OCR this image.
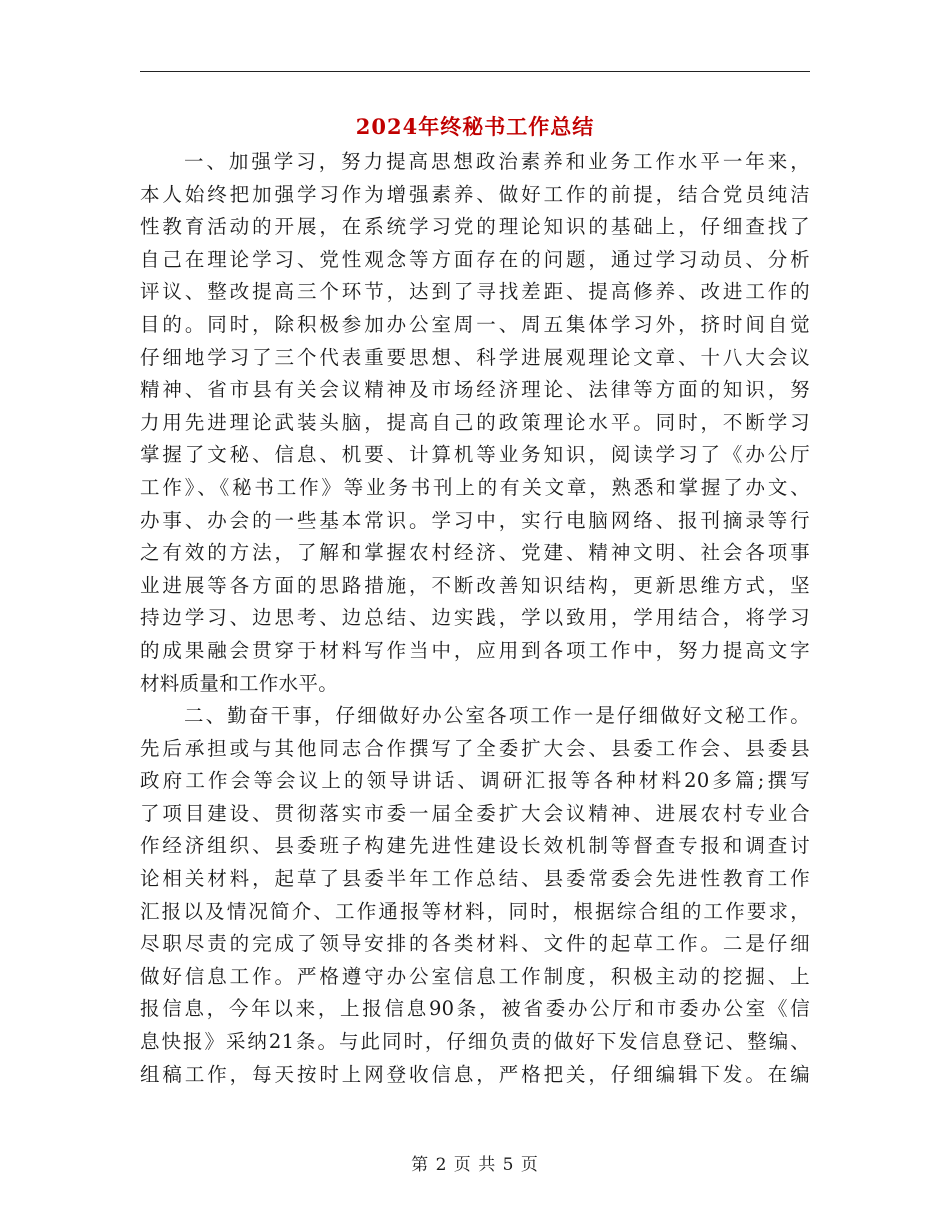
2024年终秘书工作总结
一、加强学习，努力提高思想政治素养和业务工作水平一年来，
本人始终把加强学习作为增强素养、做好工作的前提，结合党员纯洁
性教育活动的开展，在系统学习党的理论知识的基础上，仔细查找了
自己在理论学习、党性观念等方面存在的问题，通过学习动员、分析
评议、整改提高三个环节，达到了寻找差距、提高修养、改进工作的
目的。同时，除积极参加办公室周一、周五集体学习外，挤时间自觉
仔细地学习了三个代表重要思想、科学进展观理论文章、十八大会议
精神、省市县有关会议精神及市场经济理论、法律等方面的知识，努
力用先进理论武装头脑，提高自己的政策理论水平。同时，不断学习
掌握了文秘、信息、机要、计算机等业务知识，阅读学习了《办公厅
工作》、《秘书工作》等业务书刊上的有关文章，熟悉和掌握了办文、
办事、办会的一些基本常识。学习中，实行电脑网络、报刊摘录等行
之有效的方法，了解和掌握农村经济、党建、精神文明、社会各项事
业进展等各方面的思路措施，不断改善知识结构，更新思维方式，坚
持边学习、边思考、边总结、边实践，学以致用，学用结合，将学习
的成果融会贯穿于材料写作当中，应用到各项工作中，努力提高文字
材料质量和工作水平。
二、勤奋干事，仔细做好办公室各项工作一是仔细做好文秘工作。
先后承担或与其他同志合作撰写了全委扩大会、县委工作会、县委县
政府工作会等会议上的领导讲话、调研汇报等各种材料20多篇;撰写
了项目建设、贯彻落实市委一届全委扩大会议精神、进展农村专业合
作经济组织、县委班子构建先进性建设长效机制等督查专报和调查讨
论相关材料，起草了县委半年工作总结、县委常委会先进性教育工作
汇报以及情况简介、工作通报等材料，同时，根据综合组的工作要求，
尽职尽责的完成了领导安排的各类材料、文件的起草工作。二是仔细
做好信息工作。严格遵守办公室信息工作制度，积极主动的挖掘、上
报信息，今年以来，上报信息90条，被省委办公厅和市委办公室《信
息快报》采纳21条。与此同时，仔细负责的做好下发信息登记、整编、
组稿工作，每天按时上网登收信息，严格把关，仔细编辑下发。在编
第 2 页 共 5 页
